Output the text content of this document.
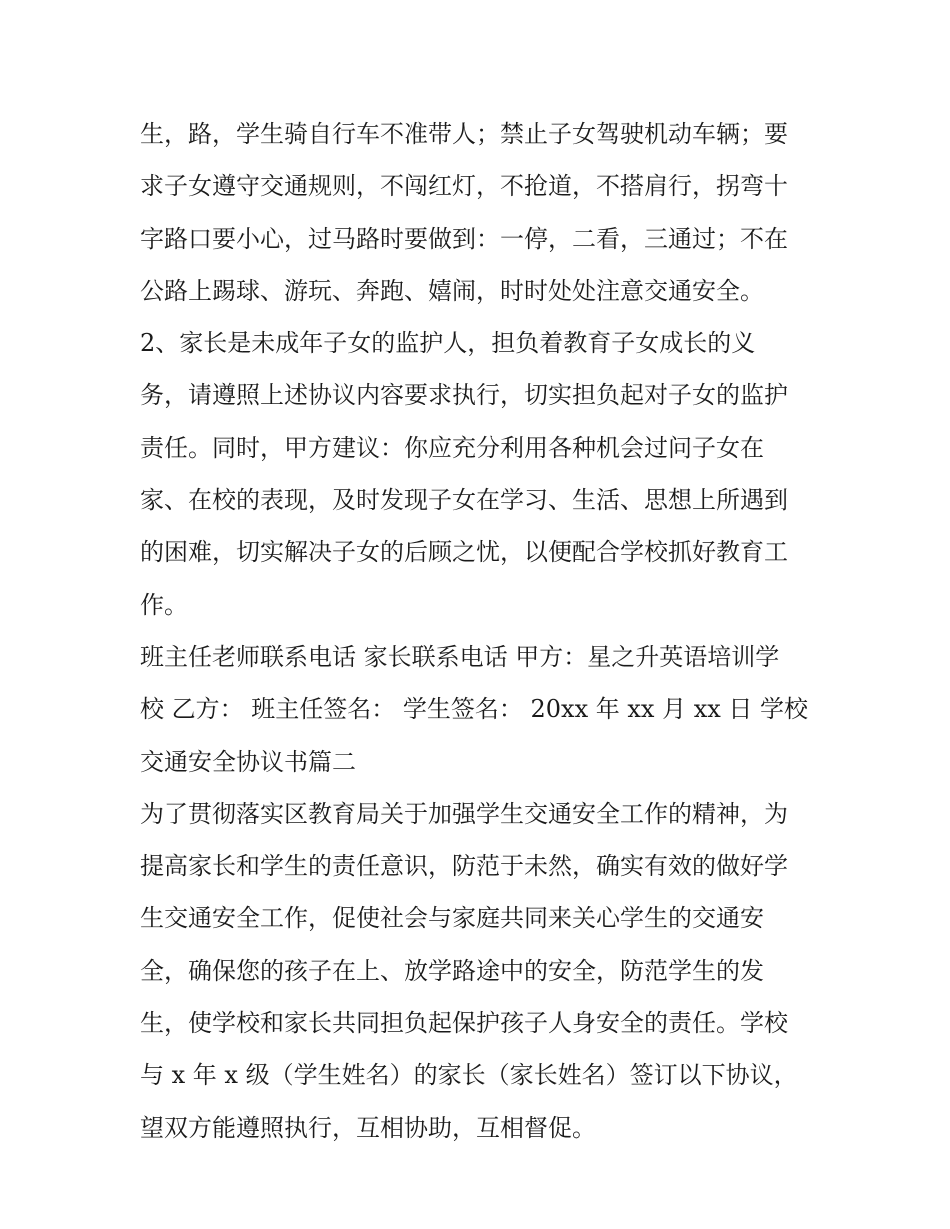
生，路，学生骑自行车不准带人；禁止子女驾驶机动车辆；要
求子女遵守交通规则，不闯红灯，不抢道，不搭肩行，拐弯十
字路口要小心，过马路时要做到：一停，二看，三通过；不在
公路上踢球、游玩、奔跑、嬉闹，时时处处注意交通安全。
2、家长是未成年子女的监护人，担负着教育子女成长的义
务，请遵照上述协议内容要求执行，切实担负起对子女的监护
责任。同时，甲方建议：你应充分利用各种机会过问子女在
家、在校的表现，及时发现子女在学习、生活、思想上所遇到
的困难，切实解决子女的后顾之忧，以便配合学校抓好教育工
作。
班主任老师联系电话 家长联系电话 甲方：星之升英语培训学
校 乙方： 班主任签名： 学生签名： 20xx 年 xx 月 xx 日 学校
交通安全协议书篇二
为了贯彻落实区教育局关于加强学生交通安全工作的精神，为
提高家长和学生的责任意识，防范于未然，确实有效的做好学
生交通安全工作，促使社会与家庭共同来关心学生的交通安
全，确保您的孩子在上、放学路途中的安全，防范学生的发
生，使学校和家长共同担负起保护孩子人身安全的责任。学校
与 x 年 x 级（学生姓名）的家长（家长姓名）签订以下协议，
望双方能遵照执行，互相协助，互相督促。
